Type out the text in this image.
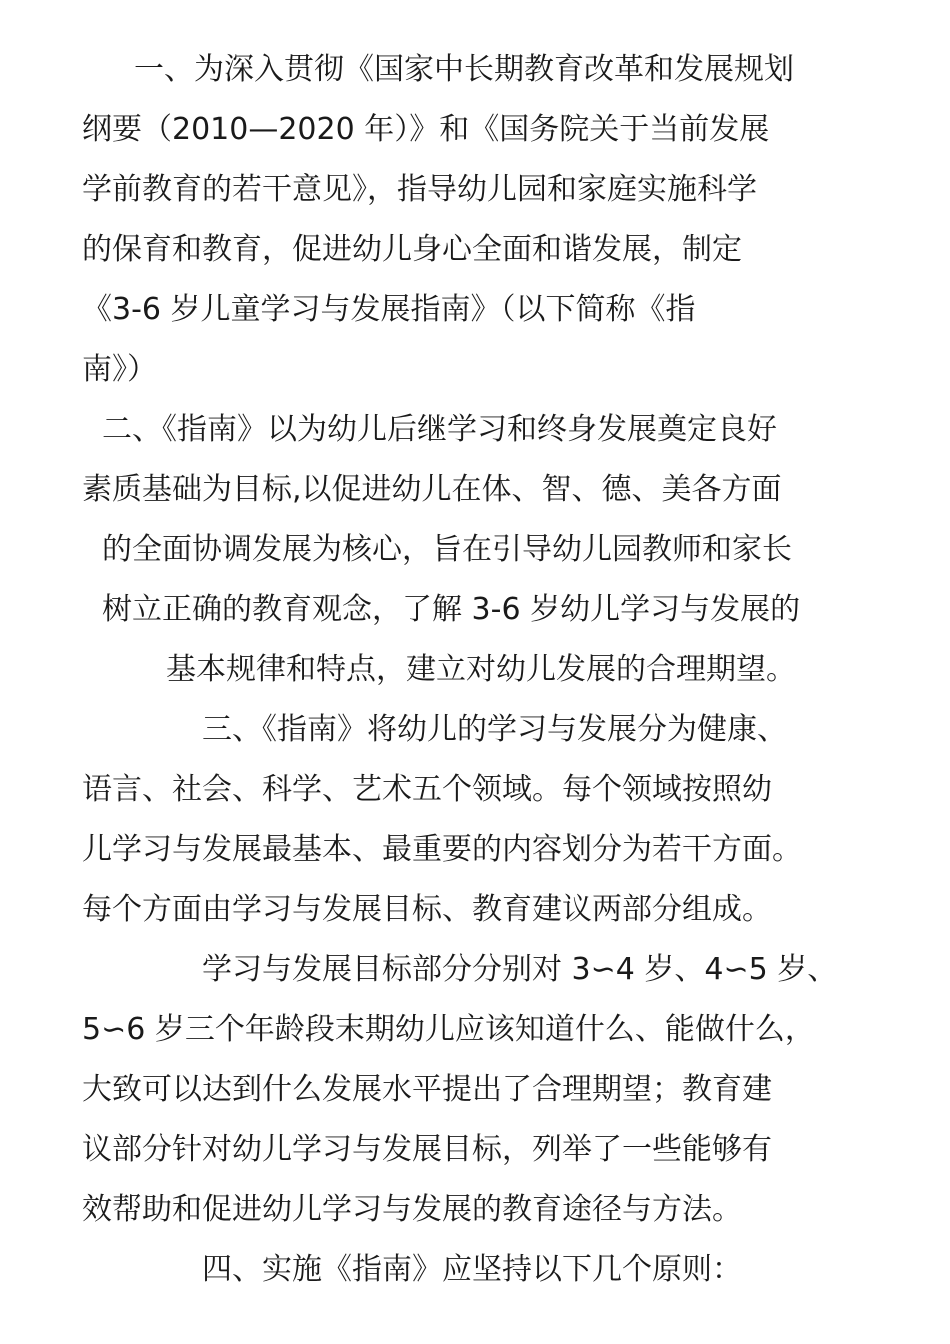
一、为深入贯彻《国家中长期教育改革和发展规划

纲要（2010—2020 年）》和《国务院关于当前发展

学前教育的若干意见》，指导幼儿园和家庭实施科学

的保育和教育，促进幼儿身心全面和谐发展，制定

《3-6 岁儿童学习与发展指南》（以下简称《指

南》）

二、《指南》以为幼儿后继学习和终身发展奠定良好

素质基础为目标,以促进幼儿在体、智、德、美各方面

的全面协调发展为核心，旨在引导幼儿园教师和家长

树立正确的教育观念，了解 3-6 岁幼儿学习与发展的

基本规律和特点，建立对幼儿发展的合理期望。

三、《指南》将幼儿的学习与发展分为健康、

语言、社会、科学、艺术五个领域。每个领域按照幼

儿学习与发展最基本、最重要的内容划分为若干方面。

每个方面由学习与发展目标、教育建议两部分组成。

学习与发展目标部分分别对 3∽4 岁、4∽5 岁、

5∽6 岁三个年龄段末期幼儿应该知道什么、能做什么，

大致可以达到什么发展水平提出了合理期望；教育建

议部分针对幼儿学习与发展目标，列举了一些能够有

效帮助和促进幼儿学习与发展的教育途径与方法。

四、实施《指南》应坚持以下几个原则：
